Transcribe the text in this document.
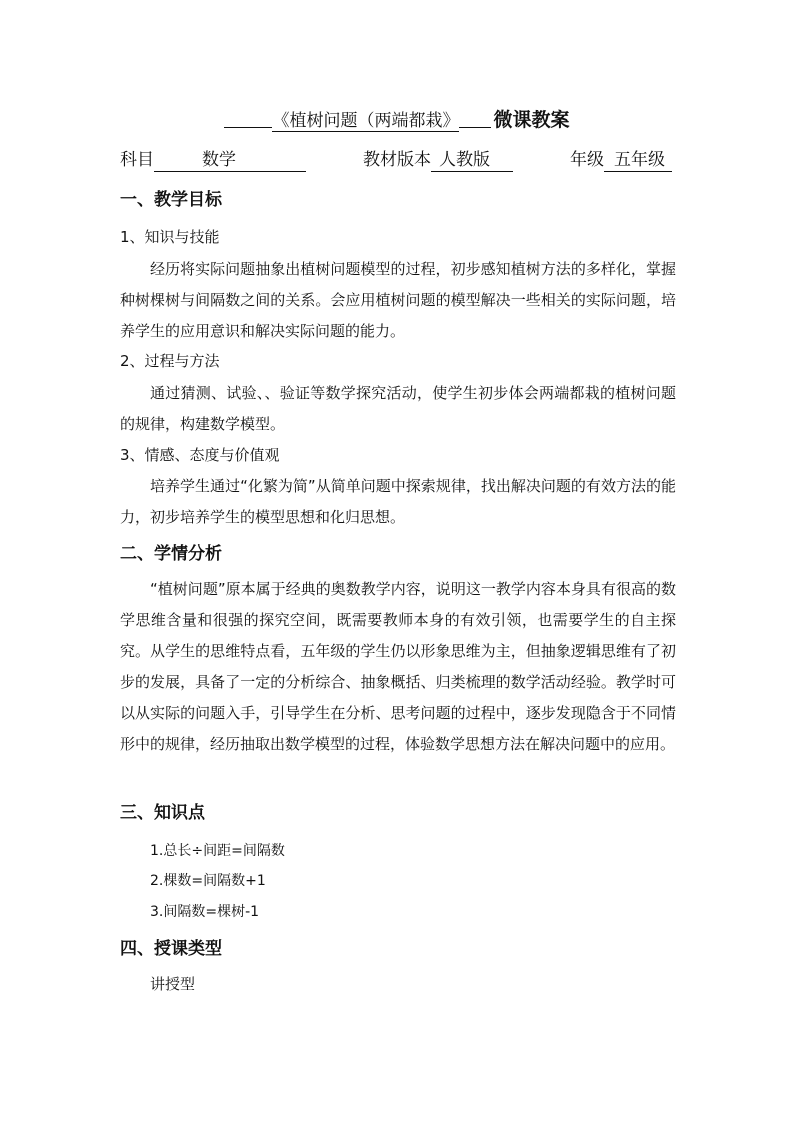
《植树问题（两端都栽》 微课教案
科目	数学	教材版本 人教版	年级 五年级
一、教学目标
1、知识与技能

经历将实际问题抽象出植树问题模型的过程，初步感知植树方法的多样化，掌握种树棵树与间隔数之间的关系。会应用植树问题的模型解决一些相关的实际问题，培养学生的应用意识和解决实际问题的能力。

2、过程与方法

通过猜测、试验、、验证等数学探究活动，使学生初步体会两端都栽的植树问题的规律，构建数学模型。

3、情感、态度与价值观

培养学生通过“化繁为简”从简单问题中探索规律，找出解决问题的有效方法的能力，初步培养学生的模型思想和化归思想。

二、学情分析

“植树问题”原本属于经典的奥数教学内容，说明这一教学内容本身具有很高的数学思维含量和很强的探究空间，既需要教师本身的有效引领，也需要学生的自主探究。从学生的思维特点看，五年级的学生仍以形象思维为主，但抽象逻辑思维有了初步的发展，具备了一定的分析综合、抽象概括、归类梳理的数学活动经验。教学时可以从实际的问题入手，引导学生在分析、思考问题的过程中，逐步发现隐含于不同情形中的规律，经历抽取出数学模型的过程，体验数学思想方法在解决问题中的应用。

三、知识点
1.总长÷间距=间隔数
2.棵数=间隔数+1
3.间隔数=棵树-1
四、授课类型
讲授型
